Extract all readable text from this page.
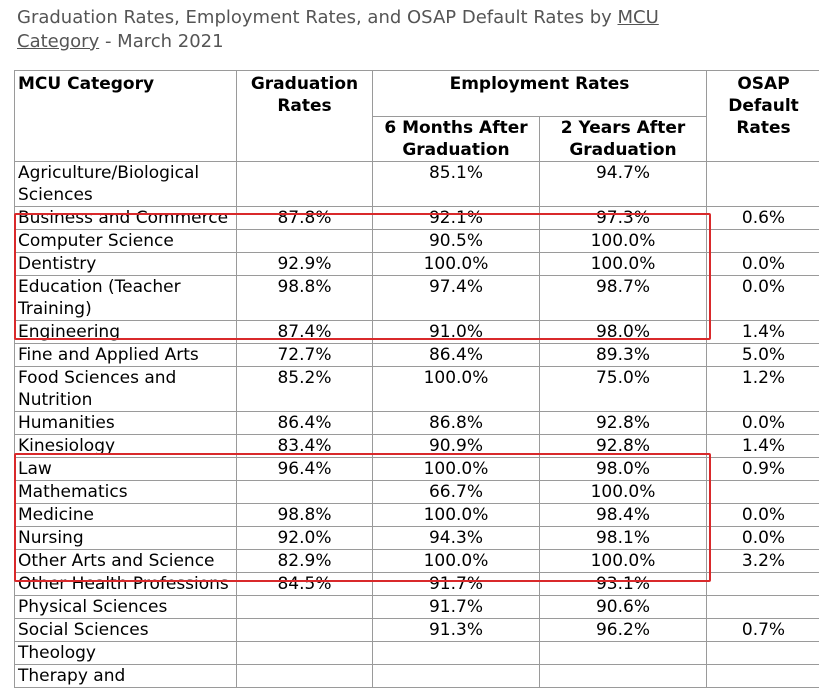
Graduation Rates, Employment Rates, and OSAP Default Rates by MCU
Category - March 2021
MCU Category	Graduation Rates	Employment Rates		OSAP Default Rates
		6 Months After Graduation	2 Years After Graduation	
Agriculture/Biological Sciences		85.1%	94.7%	
Business and Commerce	87.8%	92.1%	97.3%	0.6%
Computer Science		90.5%	100.0%	
Dentistry	92.9%	100.0%	100.0%	0.0%
Education (Teacher Training)	98.8%	97.4%	98.7%	0.0%
Engineering	87.4%	91.0%	98.0%	1.4%
Fine and Applied Arts	72.7%	86.4%	89.3%	5.0%
Food Sciences and Nutrition	85.2%	100.0%	75.0%	1.2%
Humanities	86.4%	86.8%	92.8%	0.0%
Kinesiology	83.4%	90.9%	92.8%	1.4%
Law	96.4%	100.0%	98.0%	0.9%
Mathematics		66.7%	100.0%	
Medicine	98.8%	100.0%	98.4%	0.0%
Nursing	92.0%	94.3%	98.1%	0.0%
Other Arts and Science	82.9%	100.0%	100.0%	3.2%
Other Health Professions	84.5%	91.7%	93.1%	
Physical Sciences		91.7%	90.6%	
Social Sciences		91.3%	96.2%	0.7%
Theology				
Therapy and				
